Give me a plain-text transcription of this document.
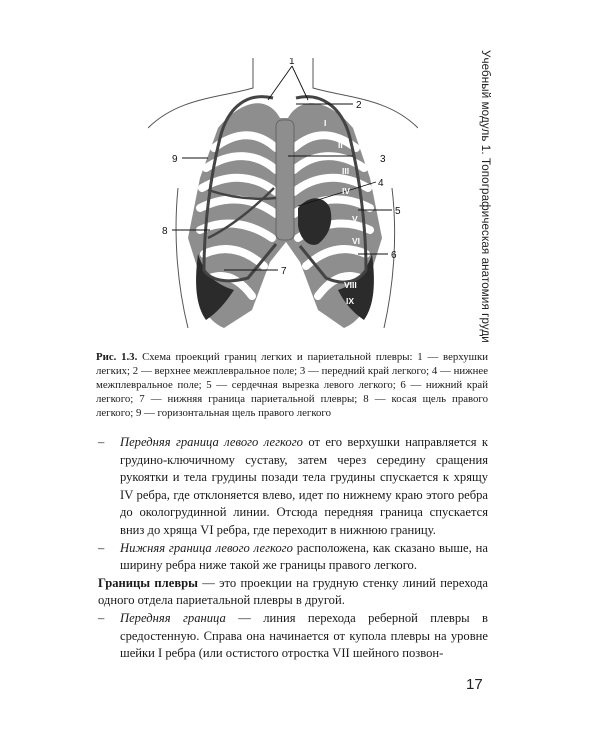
Учебный модуль 1. Топографическая анатомия груди
1
2
3
4
5
6
7
8
9
I
II
III
IV
V
VI
VIII
IX
Рис. 1.3. Схема проекций границ легких и париетальной плевры: 1 — верхушки легких; 2 — верхнее межплевральное поле; 3 — передний край легкого; 4 — нижнее межплевральное поле; 5 — сердечная вырезка левого легкого; 6 — нижний край легкого; 7 — нижняя граница париетальной плевры; 8 — косая щель правого легкого; 9 — горизонтальная щель правого легкого
– Передняя граница левого легкого от его верхушки направляется к грудино-ключичному суставу, затем через середину сращения рукоятки и тела грудины позади тела грудины спускается к хрящу IV ребра, где отклоняется влево, идет по нижнему краю этого ребра до окологрудинной линии. Отсюда передняя граница спускается вниз до хряща VI ребра, где переходит в нижнюю границу.
– Нижняя граница левого легкого расположена, как сказано выше, на ширину ребра ниже такой же границы правого легкого.
Границы плевры — это проекции на грудную стенку линий перехода одного отдела париетальной плевры в другой.
– Передняя граница — линия перехода реберной плевры в средостенную. Справа она начинается от купола плевры на уровне шейки I ребра (или остистого отростка VII шейного позвон-
17
